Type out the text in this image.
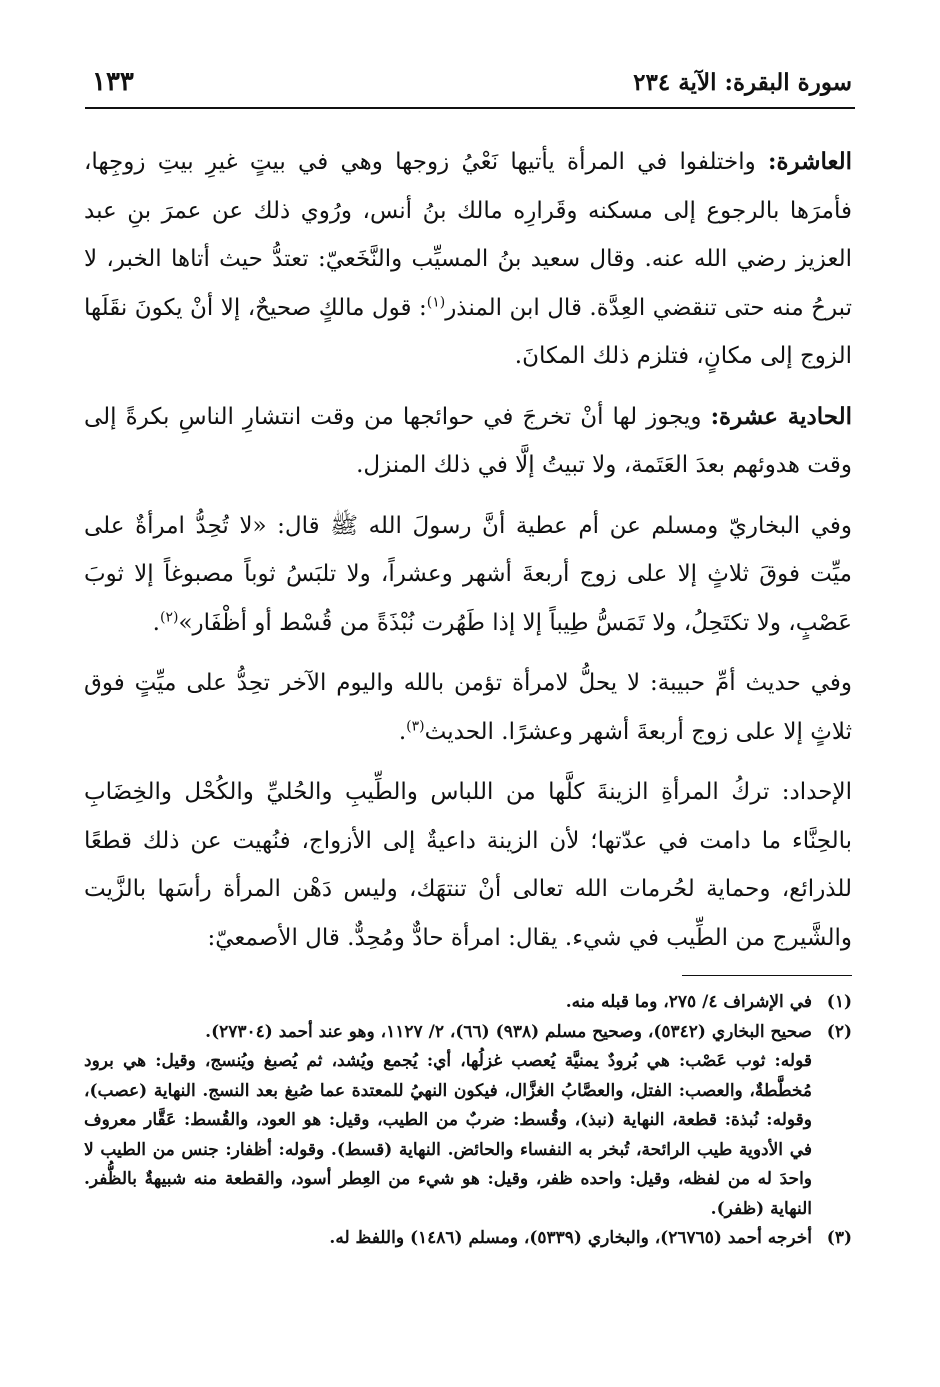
١٣٣	سورة البقرة: الآية ٢٣٤

العاشرة: واختلفوا في المرأة يأتيها نَعْيُ زوجها وهي في بيتٍ غيرِ بيتِ زوجِها، فأمرَها بالرجوع إلى مسكنه وقَرارِه مالك بنُ أنس، ورُوي ذلك عن عمرَ بنِ عبد العزيز رضي الله عنه. وقال سعيد بنُ المسيِّب والنَّخَعيّ: تعتدُّ حيث أتاها الخبر، لا تبرحُ منه حتى تنقضي العِدَّة. قال ابن المنذر$^{(١)}$: قول مالكٍ صحيحٌ، إلا أنْ يكونَ نقَلَها الزوج إلى مكانٍ، فتلزم ذلك المكانَ.

الحادية عشرة: ويجوز لها أنْ تخرجَ في حوائجها من وقت انتشارِ الناسِ بكرةً إلى وقت هدوئهم بعدَ العَتَمة، ولا تبيتُ إلَّا في ذلك المنزل.

وفي البخاريّ ومسلم عن أم عطية أنَّ رسولَ الله ﷺ قال: «لا تُحِدُّ امرأةٌ على ميِّت فوقَ ثلاثٍ إلا على زوج أربعةَ أشهر وعشراً، ولا تلبَسُ ثوباً مصبوغاً إلا ثوبَ عَصْبٍ، ولا تكتَحِلُ، ولا تَمَسُّ طِيباً إلا إذا طَهُرت نُبْذَةً من قُسْط أو أظْفَار»$^{(٢)}$.

وفي حديث أمِّ حبيبة: لا يحلُّ لامرأة تؤمن بالله واليوم الآخر تحِدُّ على ميِّتٍ فوق ثلاثٍ إلا على زوج أربعةَ أشهر وعشرًا. الحديث$^{(٣)}$.

الإحداد: تركُ المرأةِ الزينةَ كلَّها من اللباس والطِّيبِ والحُليِّ والكُحْل والخِضَابِ بالحِنَّاء ما دامت في عدّتها؛ لأن الزينة داعيةٌ إلى الأزواج، فنُهيت عن ذلك قطعًا للذرائع، وحماية لحُرمات الله تعالى أنْ تنتهَك، وليس دَهْن المرأة رأسَها بالزَّيت والشَّيرج من الطِّيب في شيء. يقال: امرأة حادٌّ ومُحِدٌّ. قال الأصمعيّ:

(١)
في الإشراف ٤/ ٢٧٥، وما قبله منه.
(٢)
صحيح البخاري (٥٣٤٢)، وصحيح مسلم (٩٣٨) (٦٦)، ٢/ ١١٢٧، وهو عند أحمد (٢٧٣٠٤).
قوله: ثوب عَصْب: هي بُرودٌ يمنيَّة يُعصب غزلُها، أي: يُجمع ويُشد، ثم يُصبغ ويُنسج، وقيل: هي برود مُخطَّطةٌ، والعصب: الفتل، والعصَّابُ الغزَّال، فيكون النهيُ للمعتدة عما صُبغ بعد النسج. النهاية (عصب)، وقوله: نُبذة: قطعة، النهاية (نبذ)، وقُسط: ضربٌ من الطيب، وقيل: هو العود، والقُسط: عَقَّار معروف في الأدوية طيب الرائحة، تُبخر به النفساء والحائض. النهاية (قسط). وقوله: أظفار: جنس من الطيب لا واحدَ له من لفظه، وقيل: واحده ظفر، وقيل: هو شيء من العِطر أسود، والقطعة منه شبيهةٌ بالظُّفر. النهاية (ظفر).
(٣)
أخرجه أحمد (٢٦٧٦٥)، والبخاري (٥٣٣٩)، ومسلم (١٤٨٦) واللفظ له.
